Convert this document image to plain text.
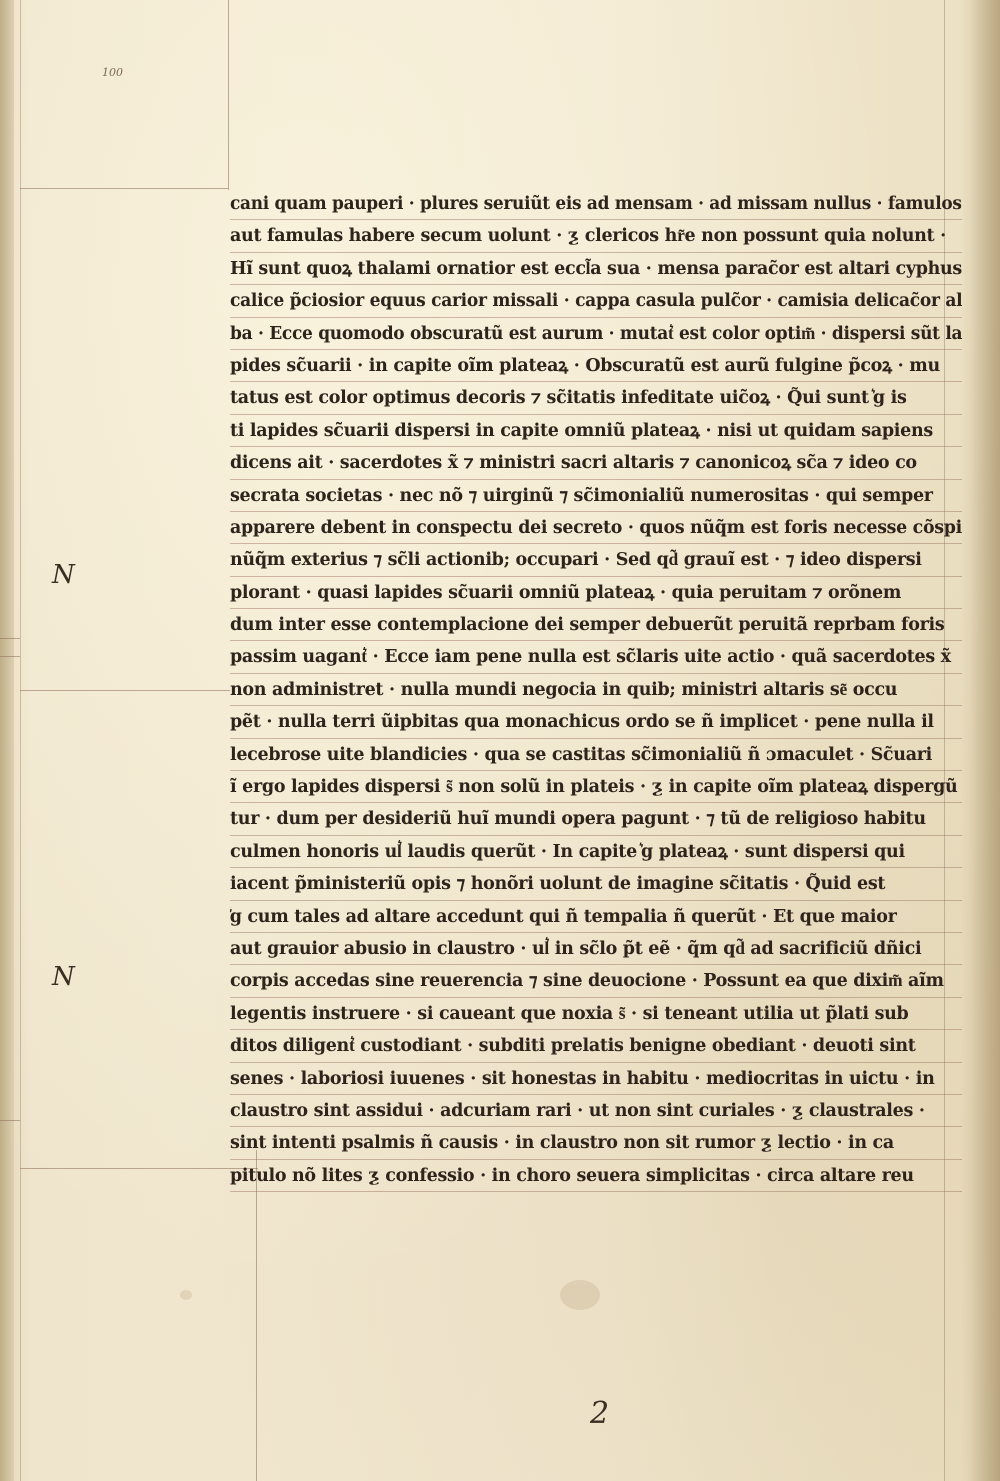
100
N
N
cani quam pauperi · plures seruiũt eis ad mensam · ad missam nullus · famulos
aut famulas habere secum uolunt · ƺ clericos hr͂e non possunt quia nolunt ·
Hĩ sunt quoꝝ thalami ornatior est eccl͂a sua · mensa parac̃or est altari cyphus
calice p̃ciosior equus carior missali · cappa casula pulc̃or · camisia delicac̃or al
ba · Ecce quomodo obscuratũ est aurum · mutat͛ est color optim͂ · dispersi sũt la
pides sc̃uarii · in capite oĩm plateaꝝ · Obscuratũ est aurũ fulgine p̃coꝝ · mu
tatus est color optimus decoris ⁊ sc̃itatis infeditate uic̃oꝝ · Q̃ui sunt ͛g is
ti lapides sc̃uarii dispersi in capite omniũ plateaꝝ · nisi ut quidam sapiens
dicens ait · sacerdotes x̃ ⁊ ministri sacri altaris ⁊ canonicoꝝ sc̃a ⁊ ideo co
secrata societas · nec nõ ⁊ uirginũ ⁊ sc̃imonialiũ numerositas · qui semper
apparere debent in conspectu dei secreto · quos nũq̃m est foris necesse cõspi
nũq̃m exterius ⁊ sc̃li actionib; occupari · Sed qd͂ grauĩ est · ⁊ ideo dispersi
plorant · quasi lapides sc̃uarii omniũ plateaꝝ · quia peruitam ⁊ orõnem
dum inter esse contemplacione dei semper debuerũt peruitã reprbam foris
passim uagant͛ · Ecce iam pene nulla est sc̃laris uite actio · quã sacerdotes x̃
non administret · nulla mundi negocia in quib; ministri altaris se͂ occu
pẽt · nulla terri ũipbitas qua monachicus ordo se ñ implicet · pene nulla il
lecebrose uite blandicies · qua se castitas sc̃imonialiũ ñ ɔmaculet · Sc̃uari
ĩ ergo lapides dispersi s͂ non solũ in plateis · ƺ in capite oĩm plateaꝝ dispergũ
tur · dum per desideriũ huĩ mundi opera pagunt · ⁊ tũ de religioso habitu
culmen honoris ul͛ laudis querũt · In capite ͛g plateaꝝ · sunt dispersi qui
iacent p̃ministeriũ opis ⁊ honõri uolunt de imagine sc̃itatis · Q̃uid est
͛g cum tales ad altare accedunt qui ñ tempalia ñ querũt · Et que maior
aut grauior abusio in claustro · ul͛ in sc̃lo p̃t eẽ · q̃m qd͂ ad sacrificiũ dñici
corpis accedas sine reuerencia ⁊ sine deuocione · Possunt ea que dixim͂ aĩm
legentis instruere · si caueant que noxia s͂ · si teneant utilia ut p̃lati sub
ditos diligent͛ custodiant · subditi prelatis benigne obediant · deuoti sint
senes · laboriosi iuuenes · sit honestas in habitu · mediocritas in uictu · in
claustro sint assidui · adcuriam rari · ut non sint curiales · ƺ claustrales ·
sint intenti psalmis ñ causis · in claustro non sit rumor ƺ lectio · in ca
pitulo nõ lites ƺ confessio · in choro seuera simplicitas · circa altare reu
2
